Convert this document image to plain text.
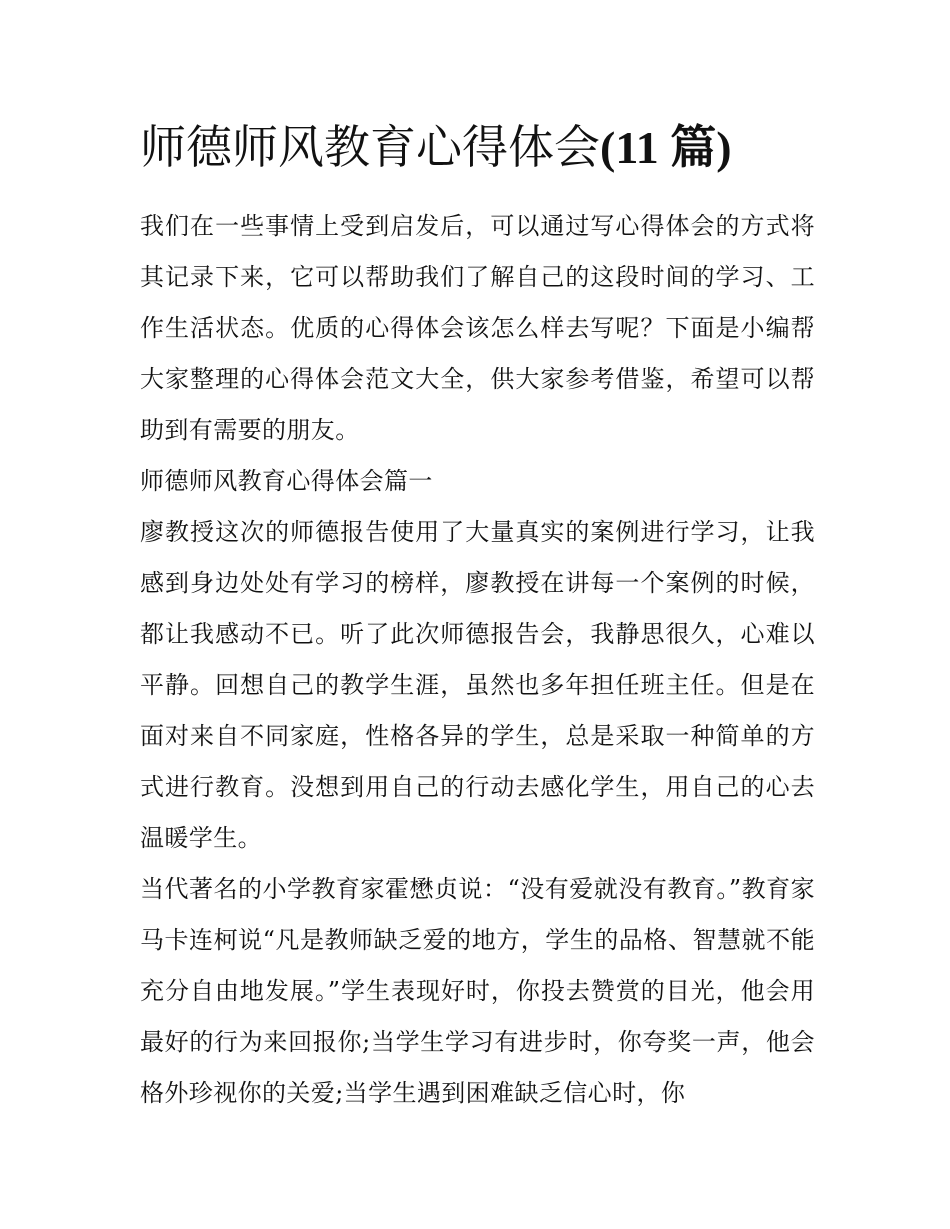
师德师风教育心得体会(11 篇)

我们在一些事情上受到启发后，可以通过写心得体会的方式将其记录下来，它可以帮助我们了解自己的这段时间的学习、工作生活状态。优质的心得体会该怎么样去写呢？下面是小编帮大家整理的心得体会范文大全，供大家参考借鉴，希望可以帮助到有需要的朋友。

师德师风教育心得体会篇一

廖教授这次的师德报告使用了大量真实的案例进行学习，让我感到身边处处有学习的榜样，廖教授在讲每一个案例的时候，都让我感动不已。听了此次师德报告会，我静思很久，心难以平静。回想自己的教学生涯，虽然也多年担任班主任。但是在面对来自不同家庭，性格各异的学生，总是采取一种简单的方式进行教育。没想到用自己的行动去感化学生，用自己的心去温暖学生。

当代著名的小学教育家霍懋贞说：“没有爱就没有教育。”教育家马卡连柯说“凡是教师缺乏爱的地方，学生的品格、智慧就不能充分自由地发展。”学生表现好时，你投去赞赏的目光，他会用最好的行为来回报你;当学生学习有进步时，你夸奖一声，他会格外珍视你的关爱;当学生遇到困难缺乏信心时，你
